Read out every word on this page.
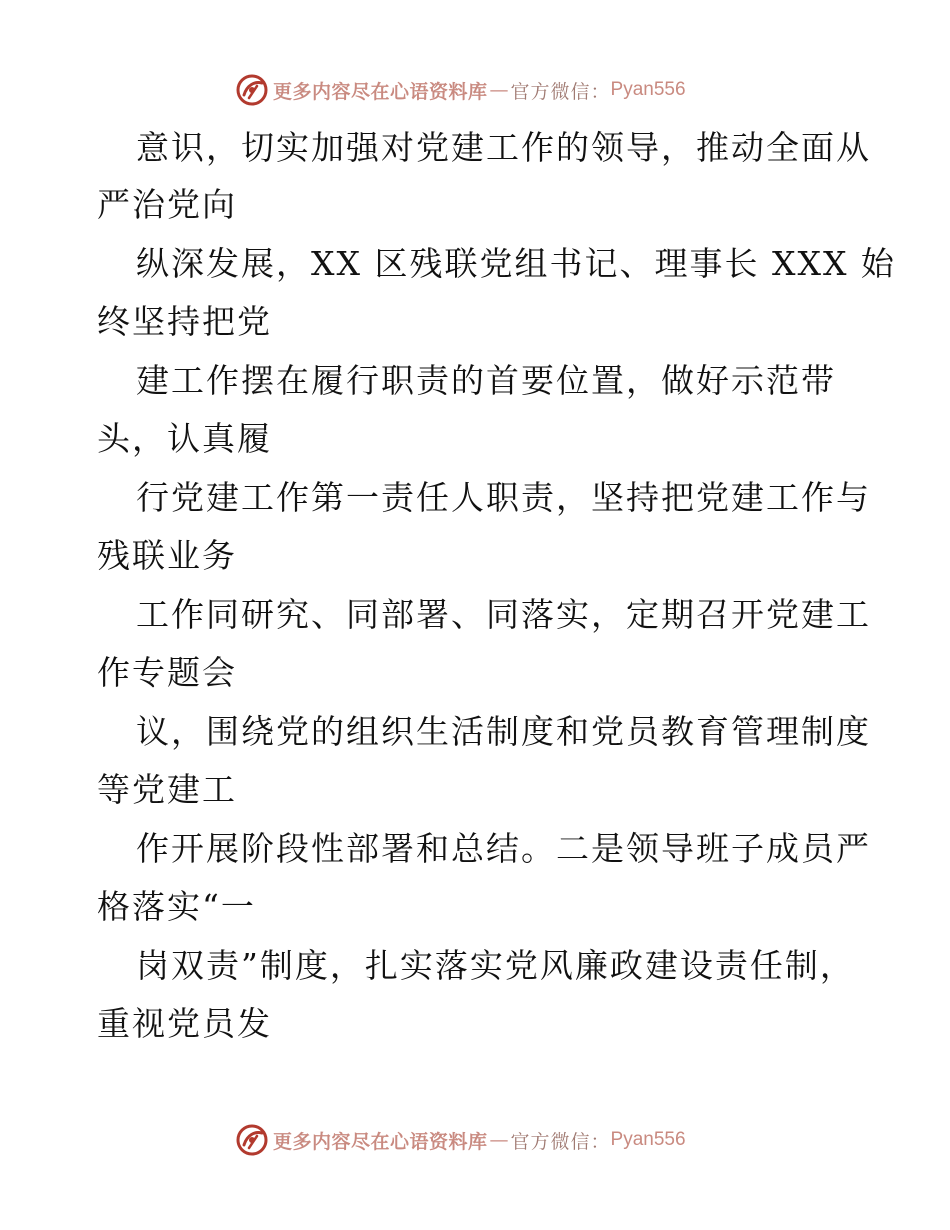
更多内容尽在心语资料库 — 官方微信： Pyan556
意识，切实加强对党建工作的领导，推动全面从
严治党向
纵深发展，XX 区残联党组书记、理事长 XXX 始
终坚持把党
建工作摆在履行职责的首要位置，做好示范带
头，认真履
行党建工作第一责任人职责，坚持把党建工作与
残联业务
工作同研究、同部署、同落实，定期召开党建工
作专题会
议，围绕党的组织生活制度和党员教育管理制度
等党建工
作开展阶段性部署和总结。二是领导班子成员严
格落实“一
岗双责”制度，扎实落实党风廉政建设责任制，
重视党员发
更多内容尽在心语资料库 — 官方微信： Pyan556
